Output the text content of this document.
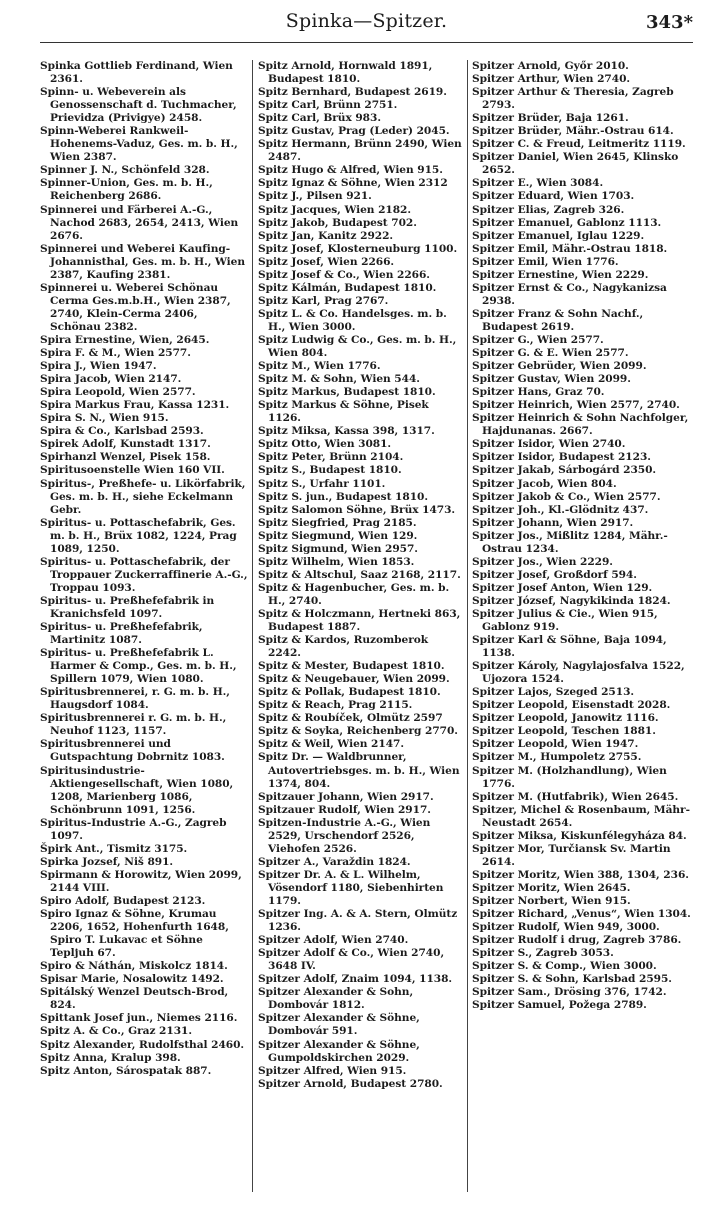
Spinka—Spitzer.	343*
Spinka Gottlieb Ferdinand, Wien 2361.
Spinn- u. Webeverein als Genossenschaft d. Tuchmacher, Prievidza (Privigye) 2458.
Spinn-Weberei Rankweil-Hohenems-Vaduz, Ges. m. b. H., Wien 2387.
Spinner J. N., Schönfeld 328.
Spinner-Union, Ges. m. b. H., Reichenberg 2686.
Spinnerei und Färberei A.-G., Nachod 2683, 2654, 2413, Wien 2676.
Spinnerei und Weberei Kaufing-Johannisthal, Ges. m. b. H., Wien 2387, Kaufing 2381.
Spinnerei u. Weberei Schönau Cerma Ges.m.b.H., Wien 2387, 2740, Klein-Cerma 2406, Schönau 2382.
Spira Ernestine, Wien, 2645.
Spira F. & M., Wien 2577.
Spira J., Wien 1947.
Spira Jacob, Wien 2147.
Spira Leopold, Wien 2577.
Spira Markus Frau, Kassa 1231.
Spira S. N., Wien 915.
Spira & Co., Karlsbad 2593.
Spirek Adolf, Kunstadt 1317.
Spirhanzl Wenzel, Pisek 158.
Spiritusoenstelle Wien 160 VII.
Spiritus-, Preßhefe- u. Likörfabrik, Ges. m. b. H., siehe Eckelmann Gebr.
Spiritus- u. Pottaschefabrik, Ges. m. b. H., Brüx 1082, 1224, Prag 1089, 1250.
Spiritus- u. Pottaschefabrik, der Troppauer Zuckerraffinerie A.-G., Troppau 1093.
Spiritus- u. Preßhefefabrik in Kranichsfeld 1097.
Spiritus- u. Preßhefefabrik, Martinitz 1087.
Spiritus- u. Preßhefefabrik L. Harmer & Comp., Ges. m. b. H., Spillern 1079, Wien 1080.
Spiritusbrennerei, r. G. m. b. H., Haugsdorf 1084.
Spiritusbrennerei r. G. m. b. H., Neuhof 1123, 1157.
Spiritusbrennerei und Gutspachtung Dobrnitz 1083.
Spiritusindustrie-Aktiengesellschaft, Wien 1080, 1208, Marienberg 1086, Schönbrunn 1091, 1256.
Spiritus-Industrie A.-G., Zagreb 1097.
Špirk Ant., Tismitz 3175.
Spirka Jozsef, Niš 891.
Spirmann & Horowitz, Wien 2099, 2144 VIII.
Spiro Adolf, Budapest 2123.
Spiro Ignaz & Söhne, Krumau 2206, 1652, Hohenfurth 1648, Spiro T. Lukavac et Söhne Teplјuh 67.
Spiro & Náthán, Miskolcz 1814.
Spisar Marie, Nosalowitz 1492.
Spitálský Wenzel Deutsch-Brod, 824.
Spittank Josef jun., Niemes 2116.
Spitz A. & Co., Graz 2131.
Spitz Alexander, Rudolfsthal 2460.
Spitz Anna, Kralup 398.
Spitz Anton, Sárospatak 887.
Spitz Arnold, Hornwald 1891, Budapest 1810.
Spitz Bernhard, Budapest 2619.
Spitz Carl, Brünn 2751.
Spitz Carl, Brüx 983.
Spitz Gustav, Prag (Leder) 2045.
Spitz Hermann, Brünn 2490, Wien 2487.
Spitz Hugo & Alfred, Wien 915.
Spitz Ignaz & Söhne, Wien 2312
Spitz J., Pilsen 921.
Spitz Jacques, Wien 2182.
Spitz Jakob, Budapest 702.
Spitz Jan, Kanitz 2922.
Spitz Josef, Klosterneuburg 1100.
Spitz Josef, Wien 2266.
Spitz Josef & Co., Wien 2266.
Spitz Kálmán, Budapest 1810.
Spitz Karl, Prag 2767.
Spitz L. & Co. Handelsges. m. b. H., Wien 3000.
Spitz Ludwig & Co., Ges. m. b. H., Wien 804.
Spitz M., Wien 1776.
Spitz M. & Sohn, Wien 544.
Spitz Markus, Budapest 1810.
Spitz Markus & Söhne, Pisek 1126.
Spitz Miksa, Kassa 398, 1317.
Spitz Otto, Wien 3081.
Spitz Peter, Brünn 2104.
Spitz S., Budapest 1810.
Spitz S., Urfahr 1101.
Spitz S. jun., Budapest 1810.
Spitz Salomon Söhne, Brüx 1473.
Spitz Siegfried, Prag 2185.
Spitz Siegmund, Wien 129.
Spitz Sigmund, Wien 2957.
Spitz Wilhelm, Wien 1853.
Spitz & Altschul, Saaz 2168, 2117.
Spitz & Hagenbucher, Ges. m. b. H., 2740.
Spitz & Holczmann, Hertneki 863, Budapest 1887.
Spitz & Kardos, Ruzomberok 2242.
Spitz & Mester, Budapest 1810.
Spitz & Neugebauer, Wien 2099.
Spitz & Pollak, Budapest 1810.
Spitz & Reach, Prag 2115.
Spitz & Roubíček, Olmütz 2597
Spitz & Soyka, Reichenberg 2770.
Spitz & Weil, Wien 2147.
Spitz Dr. — Waldbrunner, Autovertriebsges. m. b. H., Wien 1374, 804.
Spitzauer Johann, Wien 2917.
Spitzauer Rudolf, Wien 2917.
Spitzen-Industrie A.-G., Wien 2529, Urschendorf 2526, Viehofen 2526.
Spitzer A., Varaždin 1824.
Spitzer Dr. A. & L. Wilhelm, Vösendorf 1180, Siebenhirten 1179.
Spitzer Ing. A. & A. Stern, Olmütz 1236.
Spitzer Adolf, Wien 2740.
Spitzer Adolf & Co., Wien 2740, 3648 IV.
Spitzer Adolf, Znaim 1094, 1138.
Spitzer Alexander & Sohn, Dombovár 1812.
Spitzer Alexander & Söhne, Dombovár 591.
Spitzer Alexander & Söhne, Gumpoldskirchen 2029.
Spitzer Alfred, Wien 915.
Spitzer Arnold, Budapest 2780.
Spitzer Arnold, Győr 2010.
Spitzer Arthur, Wien 2740.
Spitzer Arthur & Theresia, Zagreb 2793.
Spitzer Brüder, Baja 1261.
Spitzer Brüder, Mähr.-Ostrau 614.
Spitzer C. & Freud, Leitmeritz 1119.
Spitzer Daniel, Wien 2645, Klinsko 2652.
Spitzer E., Wien 3084.
Spitzer Eduard, Wien 1703.
Spitzer Elias, Zagreb 326.
Spitzer Emanuel, Gablonz 1113.
Spitzer Emanuel, Iglau 1229.
Spitzer Emil, Mähr.-Ostrau 1818.
Spitzer Emil, Wien 1776.
Spitzer Ernestine, Wien 2229.
Spitzer Ernst & Co., Nagykanizsa 2938.
Spitzer Franz & Sohn Nachf., Budapest 2619.
Spitzer G., Wien 2577.
Spitzer G. & E. Wien 2577.
Spitzer Gebrüder, Wien 2099.
Spitzer Gustav, Wien 2099.
Spitzer Hans, Graz 70.
Spitzer Heinrich, Wien 2577, 2740.
Spitzer Heinrich & Sohn Nachfolger, Hajdunanas. 2667.
Spitzer Isidor, Wien 2740.
Spitzer Isidor, Budapest 2123.
Spitzer Jakab, Sárbogárd 2350.
Spitzer Jacob, Wien 804.
Spitzer Jakob & Co., Wien 2577.
Spitzer Joh., Kl.-Glödnitz 437.
Spitzer Johann, Wien 2917.
Spitzer Jos., Mißlitz 1284, Mähr.-Ostrau 1234.
Spitzer Jos., Wien 2229.
Spitzer Josef, Großdorf 594.
Spitzer Josef Anton, Wien 129.
Spitzer József, Nagykikinda 1824.
Spitzer Julius & Cie., Wien 915, Gablonz 919.
Spitzer Karl & Söhne, Baja 1094, 1138.
Spitzer Károly, Nagylajosfalva 1522, Ujozora 1524.
Spitzer Lajos, Szeged 2513.
Spitzer Leopold, Eisenstadt 2028.
Spitzer Leopold, Janowitz 1116.
Spitzer Leopold, Teschen 1881.
Spitzer Leopold, Wien 1947.
Spitzer M., Humpoletz 2755.
Spitzer M. (Holzhandlung), Wien 1776.
Spitzer M. (Hutfabrik), Wien 2645.
Spitzer, Michel & Rosenbaum, Mähr-Neustadt 2654.
Spitzer Miksa, Kiskunfélegyháza 84.
Spitzer Mor, Turčiansk Sv. Martin 2614.
Spitzer Moritz, Wien 388, 1304, 236.
Spitzer Moritz, Wien 2645.
Spitzer Norbert, Wien 915.
Spitzer Richard, „Venus“, Wien 1304.
Spitzer Rudolf, Wien 949, 3000.
Spitzer Rudolf i drug, Zagreb 3786.
Spitzer S., Zagreb 3053.
Spitzer S. & Comp., Wien 3000.
Spitzer S. & Sohn, Karlsbad 2595.
Spitzer Sam., Drösing 376, 1742.
Spitzer Samuel, Požega 2789.
